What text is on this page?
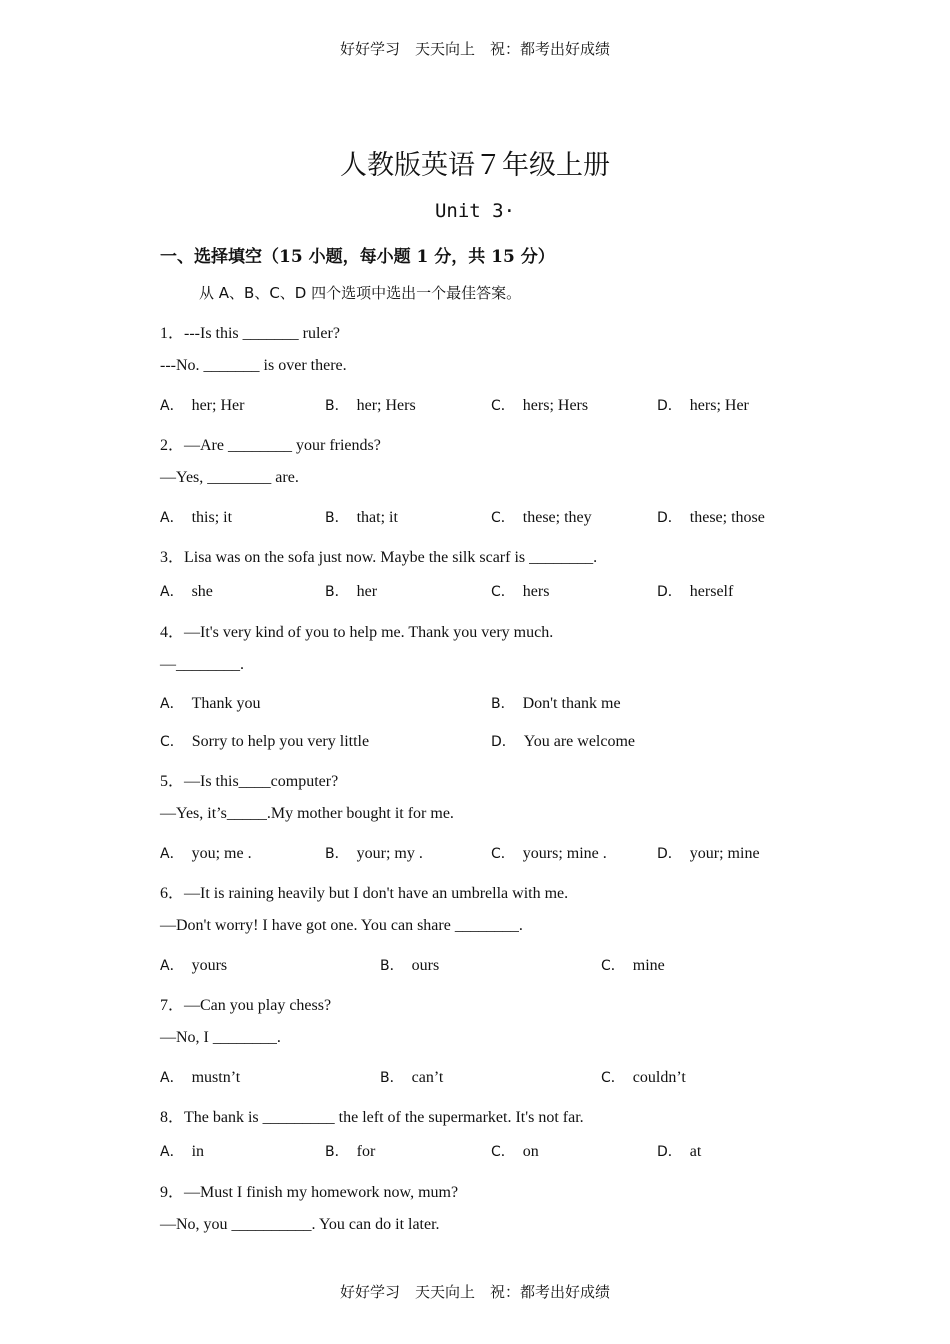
好好学习　天天向上　祝：都考出好成绩
人教版英语７年级上册
Unit 3·
一、选择填空（15 小题，每小题 1 分，共 15 分）
从 A、B、C、D 四个选项中选出一个最佳答案。
1．---Is this _______ ruler?
---No. _______ is over there.
A． her; Her	B． her; Hers	C． hers; Hers	D． hers; Her
2．—Are ________ your friends?
—Yes, ________ are.
A． this; it	B． that; it	C． these; they	D． these; those
3．Lisa was on the sofa just now. Maybe the silk scarf is ________.
A． she	B． her	C． hers	D． herself
4．—It's very kind of you to help me. Thank you very much.
—________.
A． Thank you	B． Don't thank me
C． Sorry to help you very little	D． You are welcome
5．—Is this____computer?
—Yes, it’s_____.My mother bought it for me.
A． you; me .	B． your; my .	C． yours; mine .	D． your; mine
6．—It is raining heavily but I don't have an umbrella with me.
—Don't worry! I have got one. You can share ________.
A． yours	B． ours	C． mine
7．—Can you play chess?
—No, I ________.
A． mustn’t	B． can’t	C． couldn’t
8．The bank is _________ the left of the supermarket. It's not far.
A． in	B． for	C． on	D． at
9．—Must I finish my homework now, mum?
—No, you __________. You can do it later.
好好学习　天天向上　祝：都考出好成绩
